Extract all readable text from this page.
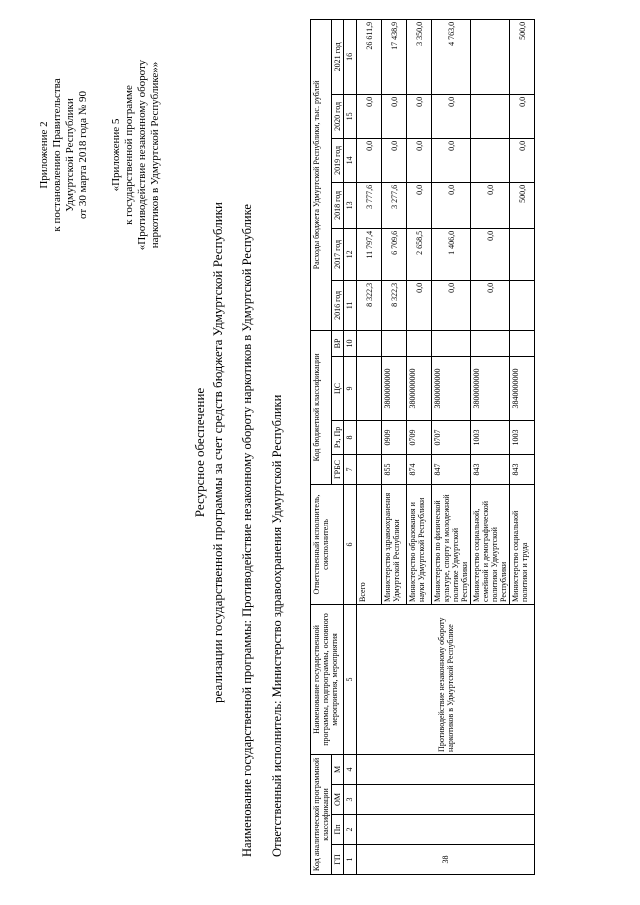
Приложение 2 к постановлению Правительства Удмуртской Республики от 30 марта 2018 года № 90 «Приложение 5 к государственной программе «Противодействие незаконному обороту наркотиков в Удмуртской Республике»»
Ресурсное обеспечение реализации государственной программы за счет средств бюджета Удмуртской Республики Наименование государственной программы: Противодействие незаконному обороту наркотиков в Удмуртской Республике Ответственный исполнитель: Министерство здравоохранения Удмуртской Республики	Код аналитической программной классификации				Наименование государственной программы, подпрограммы, основного мероприятия, мероприятия	Ответственный исполнитель, соисполнитель	Код бюджетной классификации				Расходы бюджета Удмуртской Республики, тыс. рублей					
ГП	Пп	ОМ	М			ГРБС	Рз, Пр	ЦС	ВР	2016 год	2017 год	2018 год	2019 год	2020 год	2021 год
1	2	3	4	5	6	7	8	9	10	11	12	13	14	15	16
38				Противодействие незаконному обороту наркотиков в Удмуртской Республике	Всего					8 322,3	11 797,4	3 777,6	0,0	0,0	26 611,9
					Министерство здравоохранения Удмуртской Республики	855	0909	3800000000		8 322,3	6 709,6	3 277,6	0,0	0,0	17 438,9
					Министерство образования и науки Удмуртской Республики	874	0709	3800000000		0,0	2 658,5	0,0	0,0	0,0	3 350,0
					Министерство по физической культуре, спорту и молодежной политике Удмуртской Республики	847	0707	3800000000		0,0	1 406,0	0,0	0,0	0,0	4 763,0
					Министерство социальной, семейной и демографической политики Удмуртской Республики	843	1003	3800000000		0,0	0,0	0,0			
					Министерство социальной политики и труда	843	1003	3840000000				500,0	0,0	0,0	500,0
